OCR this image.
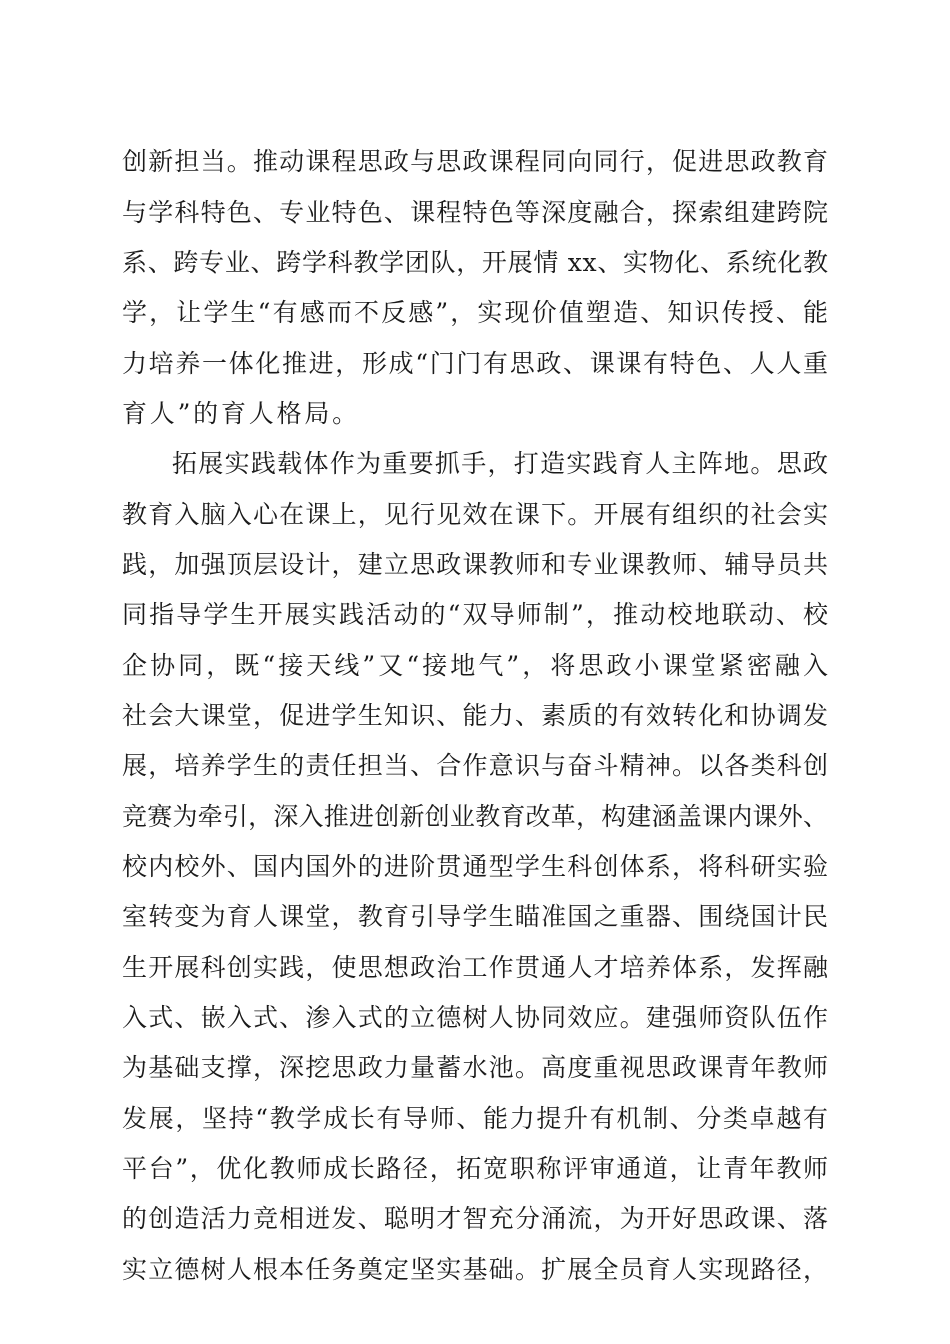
创新担当。推动课程思政与思政课程同向同行，促进思政教育
与学科特色、专业特色、课程特色等深度融合，探索组建跨院
系、跨专业、跨学科教学团队，开展情 xx、实物化、系统化教
学，让学生“有感而不反感”，实现价值塑造、知识传授、能
力培养一体化推进，形成“门门有思政、课课有特色、人人重
育人”的育人格局。
拓展实践载体作为重要抓手，打造实践育人主阵地。思政
教育入脑入心在课上，见行见效在课下。开展有组织的社会实
践，加强顶层设计，建立思政课教师和专业课教师、辅导员共
同指导学生开展实践活动的“双导师制”，推动校地联动、校
企协同，既“接天线”又“接地气”，将思政小课堂紧密融入
社会大课堂，促进学生知识、能力、素质的有效转化和协调发
展，培养学生的责任担当、合作意识与奋斗精神。以各类科创
竞赛为牵引，深入推进创新创业教育改革，构建涵盖课内课外、
校内校外、国内国外的进阶贯通型学生科创体系，将科研实验
室转变为育人课堂，教育引导学生瞄准国之重器、围绕国计民
生开展科创实践，使思想政治工作贯通人才培养体系，发挥融
入式、嵌入式、渗入式的立德树人协同效应。建强师资队伍作
为基础支撑，深挖思政力量蓄水池。高度重视思政课青年教师
发展，坚持“教学成长有导师、能力提升有机制、分类卓越有
平台”，优化教师成长路径，拓宽职称评审通道，让青年教师
的创造活力竞相迸发、聪明才智充分涌流，为开好思政课、落
实立德树人根本任务奠定坚实基础。扩展全员育人实现路径，
